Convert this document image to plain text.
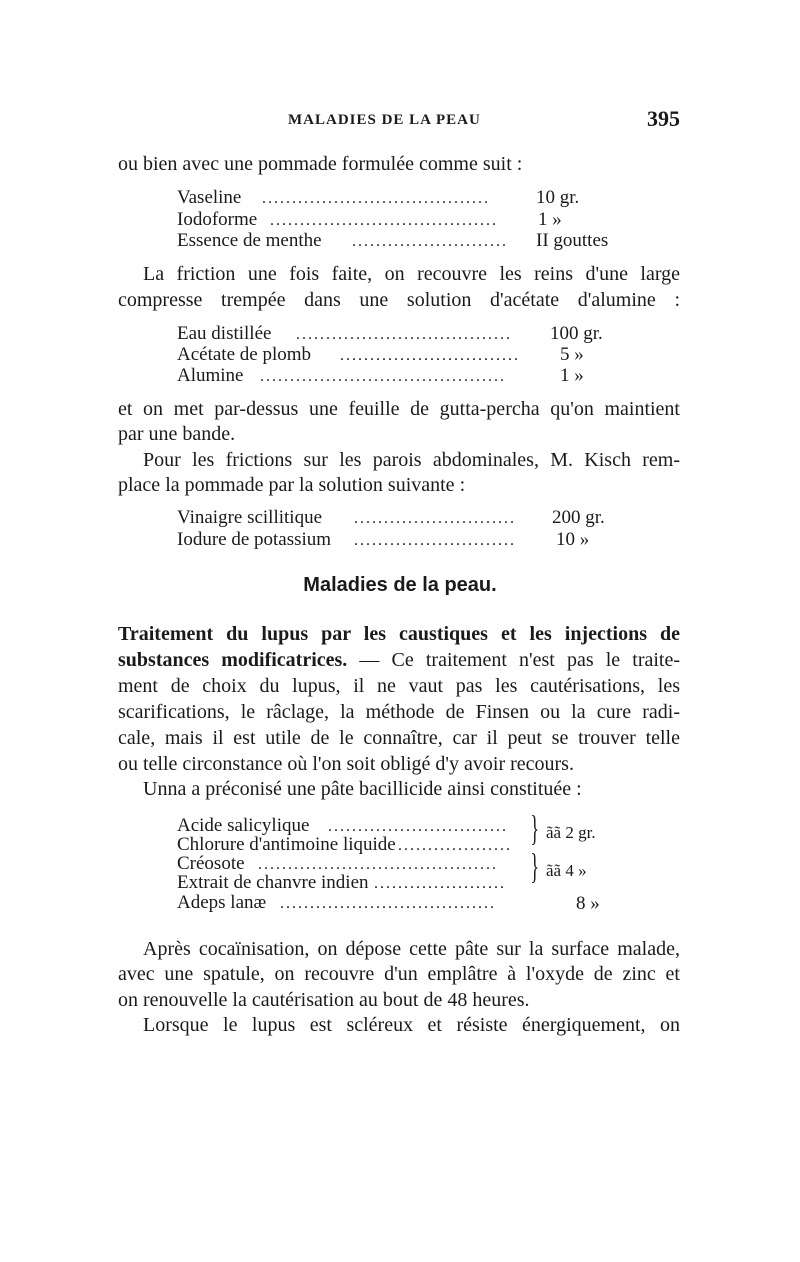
MALADIES DE LA PEAU	395
ou bien avec une pommade formulée comme suit :
Vaseline ......................................	10 gr.
Iodoforme ......................................	1 »
Essence de menthe ..........................	II gouttes
La friction une fois faite, on recouvre les reins d'une large
compresse trempée dans une solution d'acétate d'alumine :
Eau distillée ....................................	100 gr.
Acétate de plomb ..............................	5 »
Alumine .........................................	1 »
et on met par-dessus une feuille de gutta-percha qu'on maintient
par une bande.
Pour les frictions sur les parois abdominales, M. Kisch rem-
place la pommade par la solution suivante :
Vinaigre scillitique ...........................	200 gr.
Iodure de potassium ...........................	10 »
Maladies de la peau.
Traitement du lupus par les caustiques et les injections de
substances modificatrices. — Ce traitement n'est pas le traite-
ment de choix du lupus, il ne vaut pas les cautérisations, les
scarifications, le râclage, la méthode de Finsen ou la cure radi-
cale, mais il est utile de le connaître, car il peut se trouver telle
ou telle circonstance où l'on soit obligé d'y avoir recours.
Unna a préconisé une pâte bacillicide ainsi constituée :
Acide salicylique ..............................
Chlorure d'antimoine liquide ................... } ãã 2 gr.
Créosote ........................................
Extrait de chanvre indien ...................... } ãã 4 »
Adeps lanæ ....................................	8 »
Après cocaïnisation, on dépose cette pâte sur la surface malade,
avec une spatule, on recouvre d'un emplâtre à l'oxyde de zinc et
on renouvelle la cautérisation au bout de 48 heures.
Lorsque le lupus est scléreux et résiste énergiquement, on
